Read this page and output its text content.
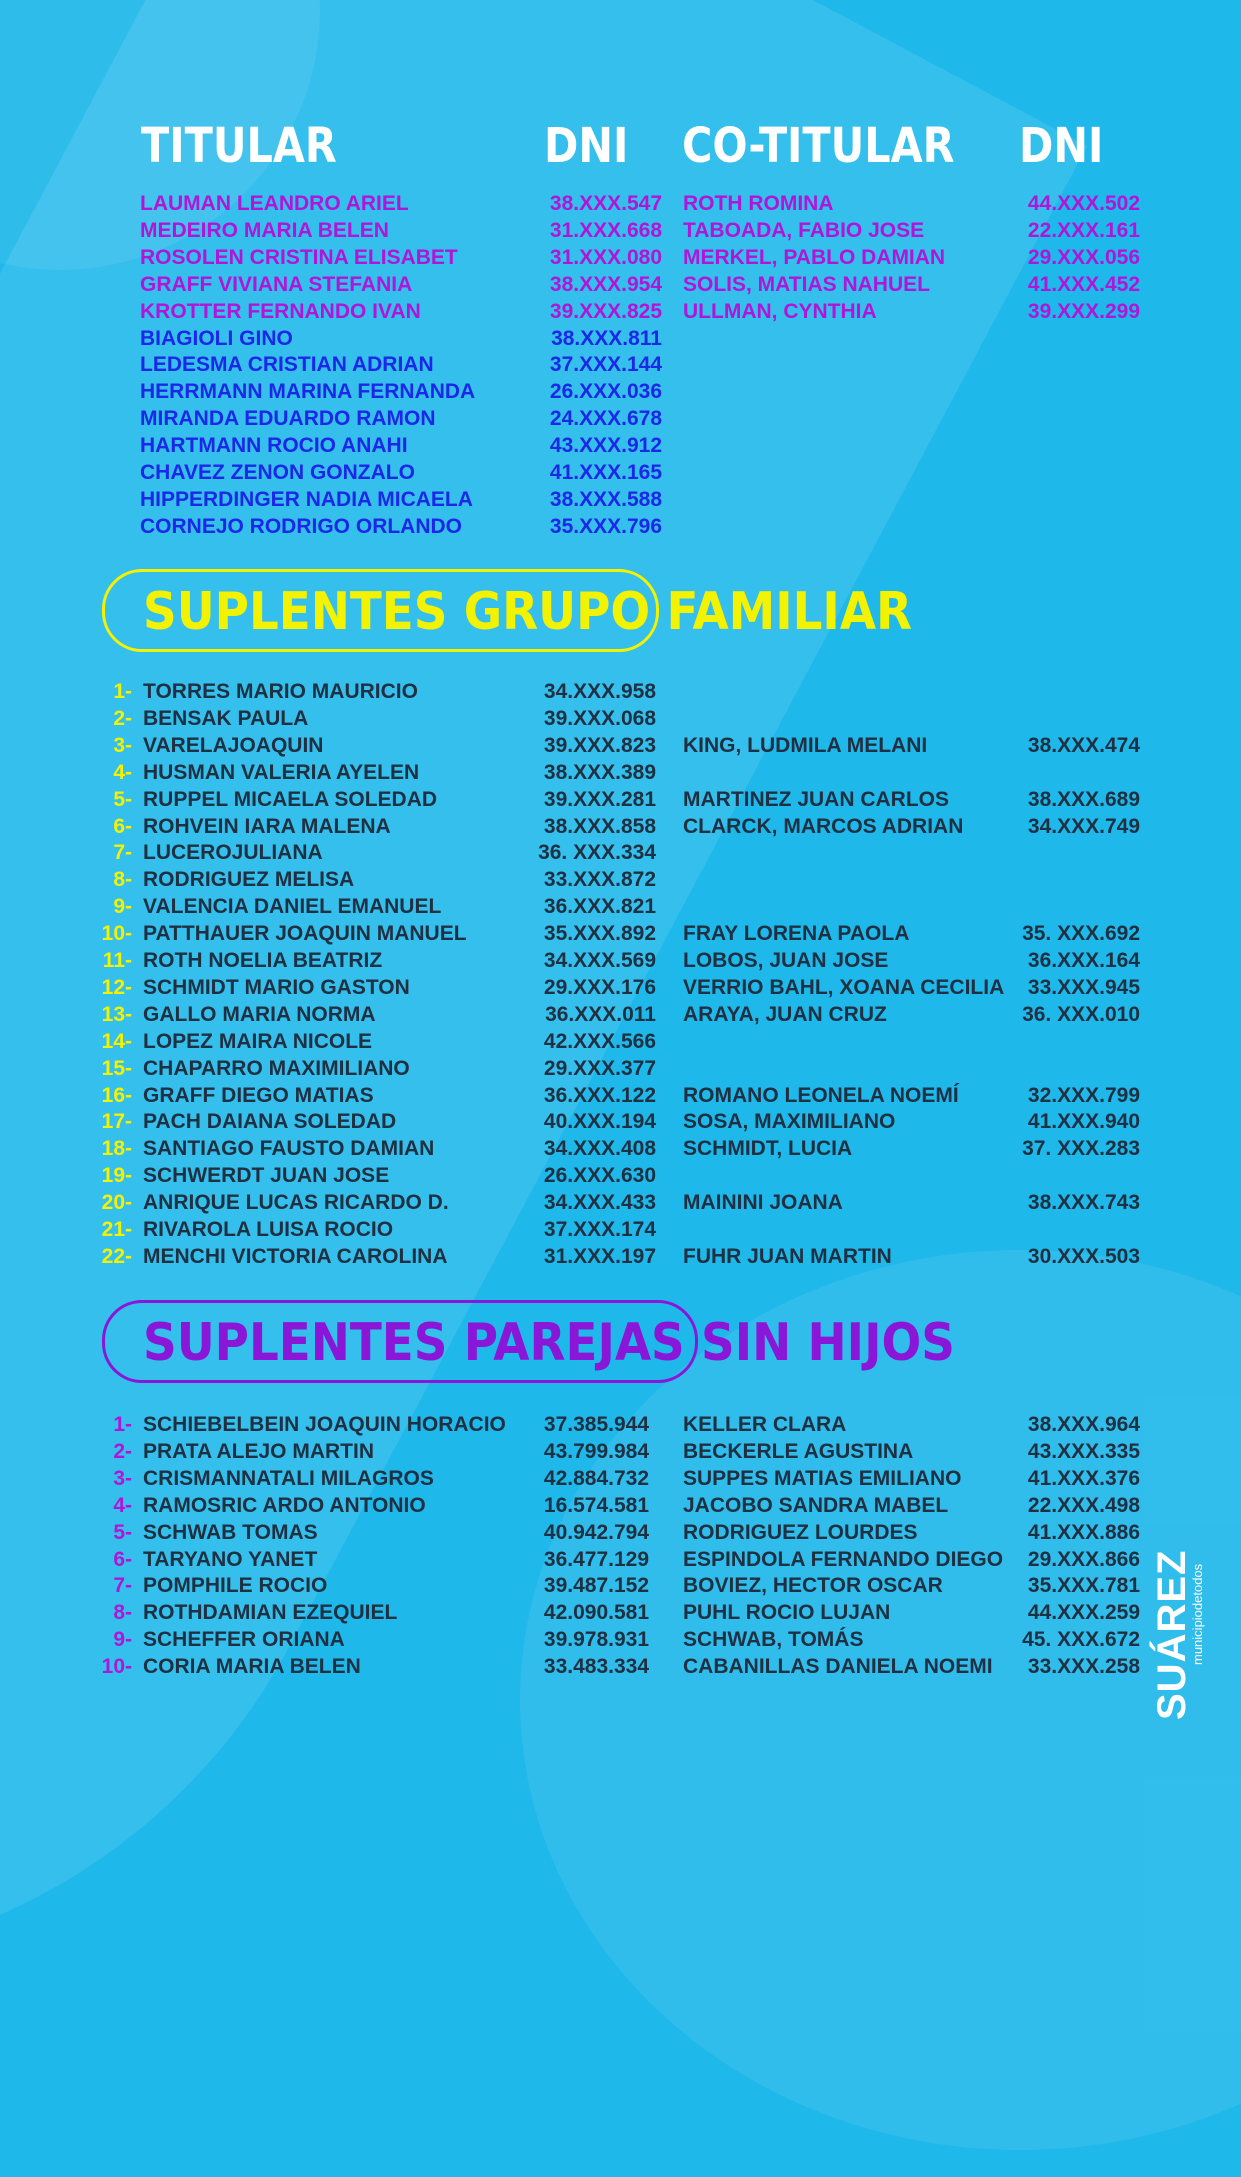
TITULAR	DNI CO-TITULAR DNI
LAUMAN LEANDRO ARIEL	38.XXX.547
MEDEIRO MARIA BELEN	31.XXX.668
ROSOLEN CRISTINA ELISABET	31.XXX.080
GRAFF VIVIANA STEFANIA	38.XXX.954
KROTTER FERNANDO IVAN	39.XXX.825
BIAGIOLI GINO	38.XXX.811
LEDESMA CRISTIAN ADRIAN	37.XXX.144
HERRMANN MARINA FERNANDA	26.XXX.036
MIRANDA EDUARDO RAMON	24.XXX.678
HARTMANN ROCIO ANAHI	43.XXX.912
CHAVEZ ZENON GONZALO	41.XXX.165
HIPPERDINGER NADIA MICAELA	38.XXX.588
CORNEJO RODRIGO ORLANDO	35.XXX.796
ROTH ROMINA	44.XXX.502
TABOADA, FABIO JOSE	22.XXX.161
MERKEL, PABLO DAMIAN	29.XXX.056
SOLIS, MATIAS NAHUEL	41.XXX.452
ULLMAN, CYNTHIA	39.XXX.299
SUPLENTES GRUPO FAMILIAR
1- TORRES MARIO MAURICIO	34.XXX.958
2- BENSAK PAULA	39.XXX.068
3- VARELAJOAQUIN	39.XXX.823 KING, LUDMILA MELANI	38.XXX.474
4- HUSMAN VALERIA AYELEN	38.XXX.389
5- RUPPEL MICAELA SOLEDAD	39.XXX.281 MARTINEZ JUAN CARLOS	38.XXX.689
6- ROHVEIN IARA MALENA	38.XXX.858 CLARCK, MARCOS ADRIAN	34.XXX.749
7- LUCEROJULIANA	36. XXX.334
8- RODRIGUEZ MELISA	33.XXX.872
9- VALENCIA DANIEL EMANUEL	36.XXX.821
10- PATTHAUER JOAQUIN MANUEL	35.XXX.892 FRAY LORENA PAOLA	35. XXX.692
11- ROTH NOELIA BEATRIZ	34.XXX.569 LOBOS, JUAN JOSE	36.XXX.164
12- SCHMIDT MARIO GASTON	29.XXX.176 VERRIO BAHL, XOANA CECILIA 33.XXX.945
13- GALLO MARIA NORMA	36.XXX.011 ARAYA, JUAN CRUZ	36. XXX.010
14- LOPEZ MAIRA NICOLE	42.XXX.566
15- CHAPARRO MAXIMILIANO	29.XXX.377
16- GRAFF DIEGO MATIAS	36.XXX.122 ROMANO LEONELA NOEMÍ	32.XXX.799
17- PACH DAIANA SOLEDAD	40.XXX.194 SOSA, MAXIMILIANO	41.XXX.940
18- SANTIAGO FAUSTO DAMIAN	34.XXX.408 SCHMIDT, LUCIA	37. XXX.283
19- SCHWERDT JUAN JOSE	26.XXX.630
20- ANRIQUE LUCAS RICARDO D.	34.XXX.433 MAININI JOANA	38.XXX.743
21- RIVAROLA LUISA ROCIO	37.XXX.174
22- MENCHI VICTORIA CAROLINA	31.XXX.197 FUHR JUAN MARTIN	30.XXX.503
SUPLENTES PAREJAS SIN HIJOS
1- SCHIEBELBEIN JOAQUIN HORACIO 37.385.944 KELLER CLARA	38.XXX.964
2- PRATA ALEJO MARTIN	43.799.984 BECKERLE AGUSTINA	43.XXX.335
3- CRISMANNATALI MILAGROS	42.884.732 SUPPES MATIAS EMILIANO	41.XXX.376
4- RAMOSRIC ARDO ANTONIO	16.574.581 JACOBO SANDRA MABEL	22.XXX.498
5- SCHWAB TOMAS	40.942.794 RODRIGUEZ LOURDES	41.XXX.886
6- TARYANO YANET	36.477.129 ESPINDOLA FERNANDO DIEGO 29.XXX.866
7- POMPHILE ROCIO	39.487.152 BOVIEZ, HECTOR OSCAR	35.XXX.781
8- ROTHDAMIAN EZEQUIEL	42.090.581 PUHL ROCIO LUJAN	44.XXX.259
9- SCHEFFER ORIANA	39.978.931 SCHWAB, TOMÁS	45. XXX.672
10- CORIA MARIA BELEN	33.483.334 CABANILLAS DANIELA NOEMI 33.XXX.258 SUÁREZ
municipiodetodos
